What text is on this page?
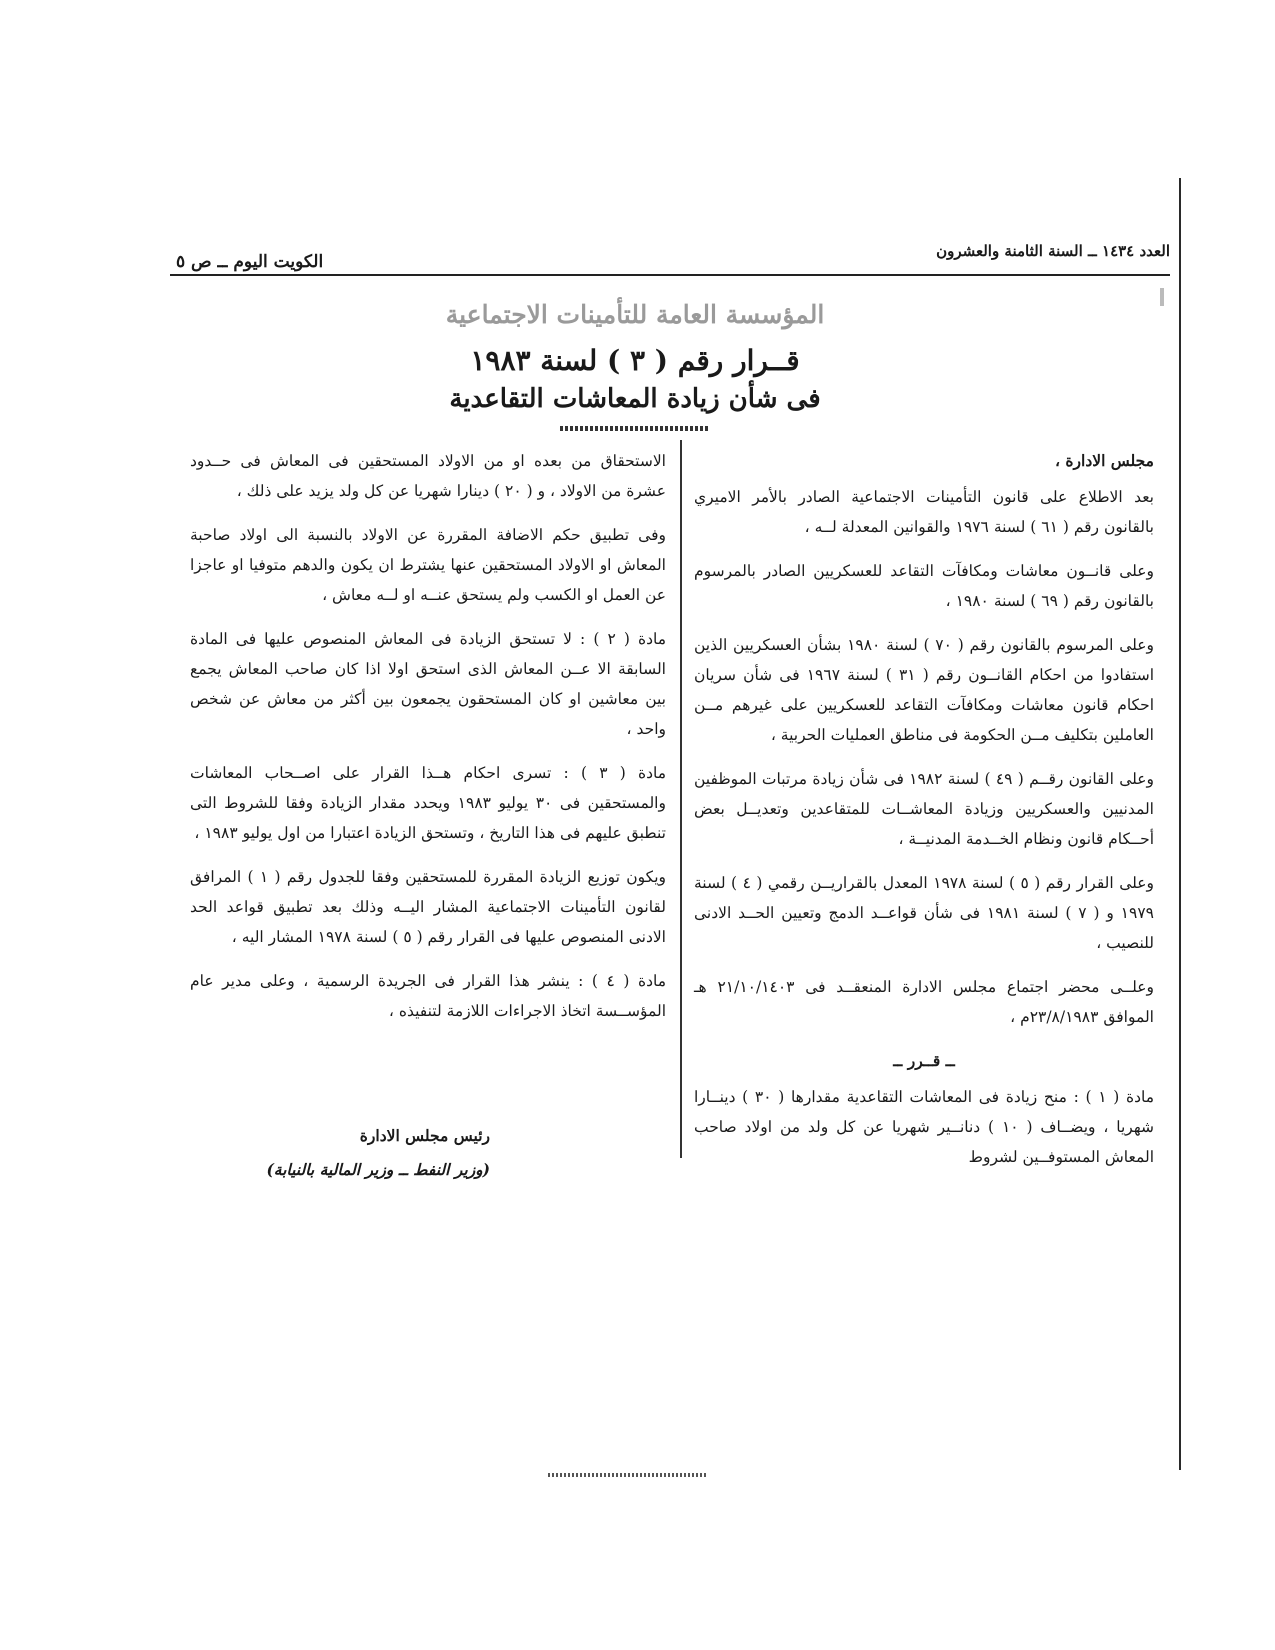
العدد ١٤٣٤ ــ السنة الثامنة والعشرون
الكويت اليوم ــ ص ٥
المؤسسة العامة للتأمينات الاجتماعية
قــرار رقم ( ٣ ) لسنة ١٩٨٣
فى شأن زيادة المعاشات التقاعدية

مجلس الادارة ،

بعد الاطلاع على قانون التأمينات الاجتماعية الصادر بالأمر الاميري بالقانون رقم ( ٦١ ) لسنة ١٩٧٦ والقوانين المعدلة لــه ،

وعلى قانــون معاشات ومكافآت التقاعد للعسكريين الصادر بالمرسوم بالقانون رقم ( ٦٩ ) لسنة ١٩٨٠ ،

وعلى المرسوم بالقانون رقم ( ٧٠ ) لسنة ١٩٨٠ بشأن العسكريين الذين استفادوا من احكام القانــون رقم ( ٣١ ) لسنة ١٩٦٧ فى شأن سريان احكام قانون معاشات ومكافآت التقاعد للعسكريين على غيرهم مــن العاملين بتكليف مــن الحكومة فى مناطق العمليات الحربية ،

وعلى القانون رقــم ( ٤٩ ) لسنة ١٩٨٢ فى شأن زيادة مرتبات الموظفين المدنيين والعسكريين وزيادة المعاشــات للمتقاعدين وتعديــل بعض أحــكام قانون ونظام الخــدمة المدنيــة ،

وعلى القرار رقم ( ٥ ) لسنة ١٩٧٨ المعدل بالقراريــن رقمي ( ٤ ) لسنة ١٩٧٩ و ( ٧ ) لسنة ١٩٨١ فى شأن قواعــد الدمج وتعيين الحــد الادنى للنصيب ،

وعلــى محضر اجتماع مجلس الادارة المنعقــد فى ٢١/١٠/١٤٠٣ هـ الموافق ٢٣/٨/١٩٨٣م ،

ــ قــرر ــ

مادة ( ١ ) : منح زيادة فى المعاشات التقاعدية مقدارها ( ٣٠ ) دينــارا شهريا ، ويضــاف ( ١٠ ) دنانــير شهريا عن كل ولد من اولاد صاحب المعاش المستوفــين لشروط

الاستحقاق من بعده او من الاولاد المستحقين فى المعاش فى حــدود عشرة من الاولاد ، و ( ٢٠ ) دينارا شهريا عن كل ولد يزيد على ذلك ،

وفى تطبيق حكم الاضافة المقررة عن الاولاد بالنسبة الى اولاد صاحبة المعاش او الاولاد المستحقين عنها يشترط ان يكون والدهم متوفيا او عاجزا عن العمل او الكسب ولم يستحق عنــه او لــه معاش ،

مادة ( ٢ ) : لا تستحق الزيادة فى المعاش المنصوص عليها فى المادة السابقة الا عــن المعاش الذى استحق اولا اذا كان صاحب المعاش يجمع بين معاشين او كان المستحقون يجمعون بين أكثر من معاش عن شخص واحد ،

مادة ( ٣ ) : تسرى احكام هــذا القرار على اصــحاب المعاشات والمستحقين فى ٣٠ يوليو ١٩٨٣ ويحدد مقدار الزيادة وفقا للشروط التى تنطبق عليهم فى هذا التاريخ ، وتستحق الزيادة اعتبارا من اول يوليو ١٩٨٣ ،

ويكون توزيع الزيادة المقررة للمستحقين وفقا للجدول رقم ( ١ ) المرافق لقانون التأمينات الاجتماعية المشار اليــه وذلك بعد تطبيق قواعد الحد الادنى المنصوص عليها فى القرار رقم ( ٥ ) لسنة ١٩٧٨ المشار اليه ،

مادة ( ٤ ) : ينشر هذا القرار فى الجريدة الرسمية ، وعلى مدير عام المؤســسة اتخاذ الاجراءات اللازمة لتنفيذه ،

رئيس مجلس الادارة
(وزير النفط ــ وزير المالية بالنيابة)
